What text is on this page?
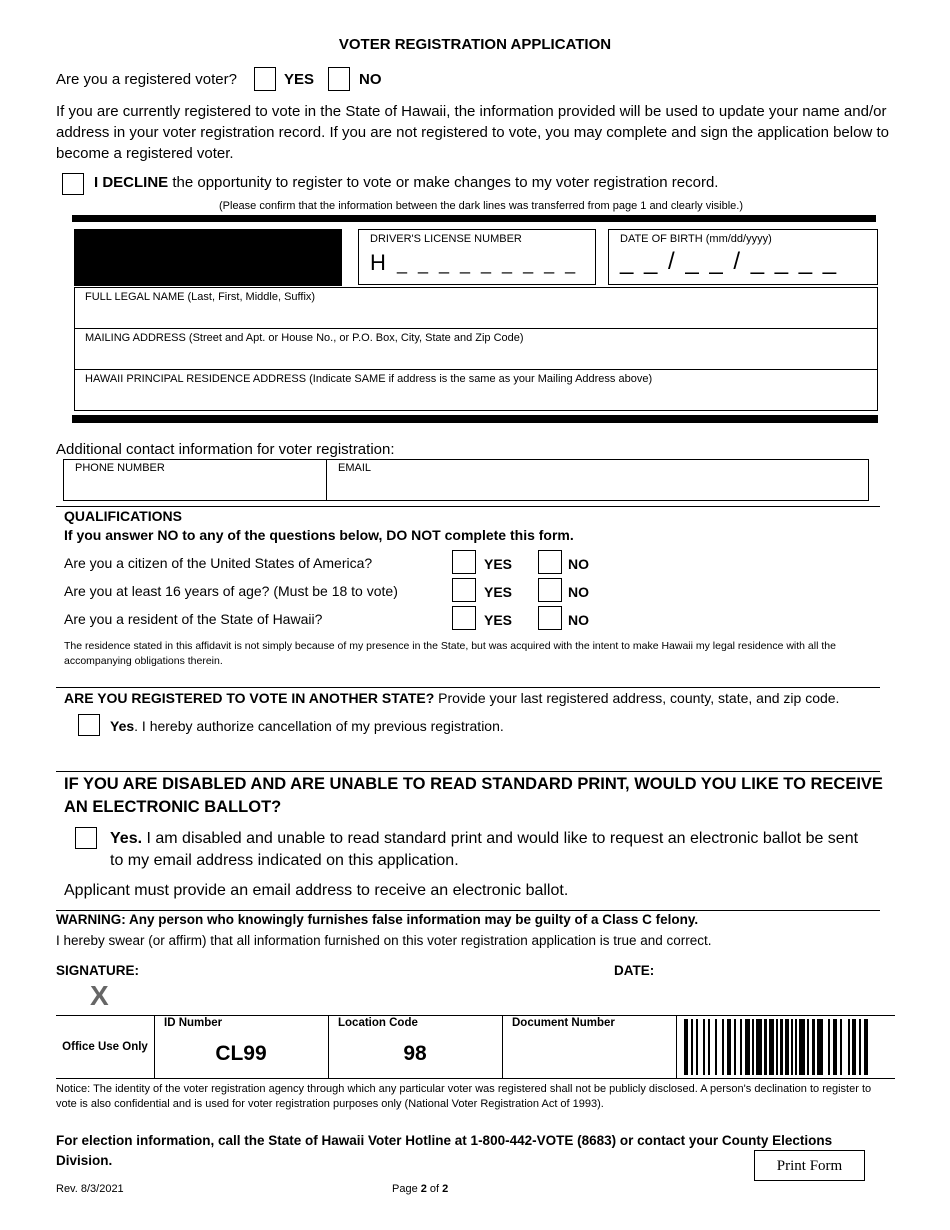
VOTER REGISTRATION APPLICATION
Are you a registered voter?	YES	NO
If you are currently registered to vote in the State of Hawaii, the information provided will be used to update your name and/or address in your voter registration record. If you are not registered to vote, you may complete and sign the application below to become a registered voter.
I DECLINE the opportunity to register to vote or make changes to my voter registration record.
(Please confirm that the information between the dark lines was transferred from page 1 and clearly visible.)
DRIVER'S LICENSE NUMBER
H _ _ _ _ _ _ _ _ _
DATE OF BIRTH (mm/dd/yyyy)
_ _ / _ _ / _ _ _ _
FULL LEGAL NAME (Last, First, Middle, Suffix)
MAILING ADDRESS (Street and Apt. or House No., or P.O. Box, City, State and Zip Code)
HAWAII PRINCIPAL RESIDENCE ADDRESS (Indicate SAME if address is the same as your Mailing Address above)
Additional contact information for voter registration:
PHONE NUMBER	EMAIL
QUALIFICATIONS
If you answer NO to any of the questions below, DO NOT complete this form.
Are you a citizen of the United States of America?	YES	NO
Are you at least 16 years of age? (Must be 18 to vote)	YES	NO
Are you a resident of the State of Hawaii?	YES	NO
The residence stated in this affidavit is not simply because of my presence in the State, but was acquired with the intent to make Hawaii my legal residence with all the accompanying obligations therein.
ARE YOU REGISTERED TO VOTE IN ANOTHER STATE? Provide your last registered address, county, state, and zip code.
Yes. I hereby authorize cancellation of my previous registration.
IF YOU ARE DISABLED AND ARE UNABLE TO READ STANDARD PRINT, WOULD YOU LIKE TO RECEIVE AN ELECTRONIC BALLOT?
Yes. I am disabled and unable to read standard print and would like to request an electronic ballot be sent to my email address indicated on this application.
Applicant must provide an email address to receive an electronic ballot.
WARNING: Any person who knowingly furnishes false information may be guilty of a Class C felony.
I hereby swear (or affirm) that all information furnished on this voter registration application is true and correct.
SIGNATURE:
X
DATE:
Office Use Only
ID Number
CL99
Location Code
98
Document Number
Notice: The identity of the voter registration agency through which any particular voter was registered shall not be publicly disclosed. A person's declination to register to vote is also confidential and is used for voter registration purposes only (National Voter Registration Act of 1993).
For election information, call the State of Hawaii Voter Hotline at 1-800-442-VOTE (8683) or contact your County Elections Division.	Print Form
Rev. 8/3/2021	Page 2 of 2
